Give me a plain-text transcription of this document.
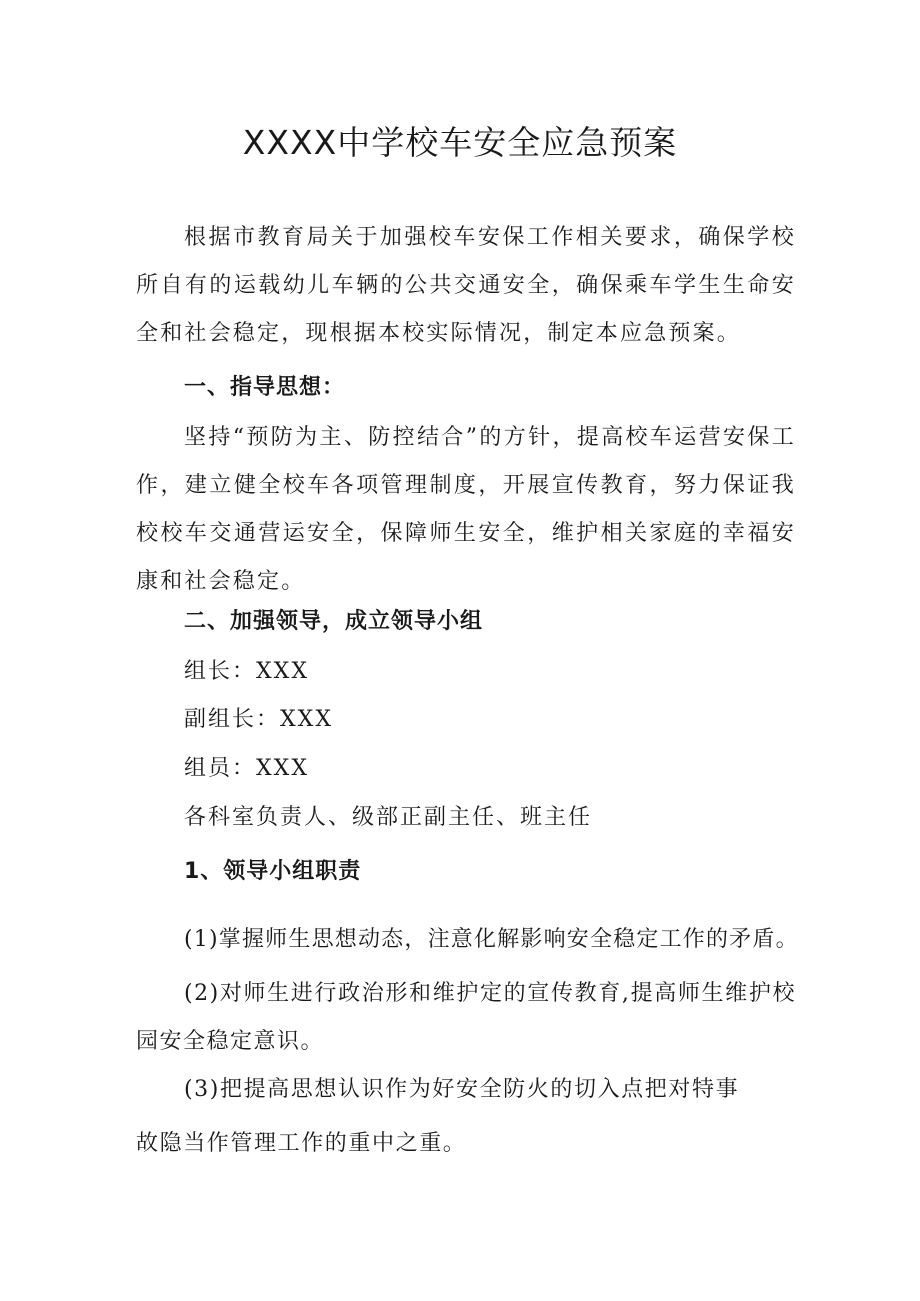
XXXX中学校车安全应急预案
根据市教育局关于加强校车安保工作相关要求，确保学校所自有的运载幼儿车辆的公共交通安全，确保乘车学生生命安全和社会稳定，现根据本校实际情况，制定本应急预案。
一、指导思想：
坚持“预防为主、防控结合”的方针，提高校车运营安保工作，建立健全校车各项管理制度，开展宣传教育，努力保证我校校车交通营运安全，保障师生安全，维护相关家庭的幸福安康和社会稳定。
二、加强领导，成立领导小组
组长：XXX
副组长：XXX
组员：XXX
各科室负责人、级部正副主任、班主任
1、领导小组职责
(1)掌握师生思想动态，注意化解影响安全稳定工作的矛盾。
(2)对师生进行政治形和维护定的宣传教育,提高师生维护校园安全稳定意识。
(3)把提高思想认识作为好安全防火的切入点把对特事
故隐当作管理工作的重中之重。
